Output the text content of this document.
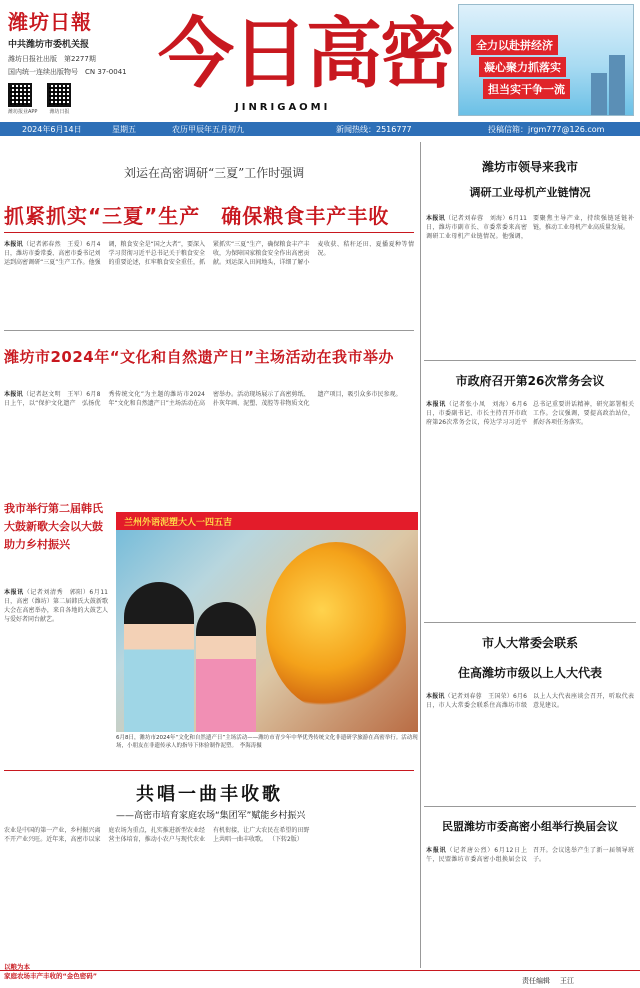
潍坊日報
中共潍坊市委机关报
潍坊日报社出版　第2277期
国内统一连续出版物号　CN 37-0041
潍坊报业APP	潍坊日报
今日高密
JINRIGAOMI
全力以赴拼经济
凝心聚力抓落实
担当实干争一流
2024年6月14日	星期五	农历甲辰年五月初九	新闻热线：2516777	投稿信箱：jrgm777@126.com
刘运在高密调研“三夏”工作时强调
抓紧抓实“三夏”生产　确保粮食丰产丰收
本报讯（记者郭春然　王爱）6月4日，潍坊市委常委、高密市委书记刘运到高密调研“三夏”生产工作。他强调，粮食安全是“国之大者”，要深入学习贯彻习近平总书记关于粮食安全的重要论述，扛牢粮食安全重任，抓紧抓实“三夏”生产，确保粮食丰产丰收，为保障国家粮食安全作出高密贡献。刘运深入田间地头，详细了解小麦收获、秸秆还田、夏播夏种等情况。
潍坊市2024年“文化和自然遗产日”主场活动在我市举办
本报讯（记者赵文明　王军）6月8日上午，以“保护文化遗产　弘扬优秀传统文化”为主题的潍坊市2024年“文化和自然遗产日”主场活动在高密举办。活动现场展示了高密剪纸、扑灰年画、泥塑、茂腔等非物质文化遗产项目，吸引众多市民参观。
我市举行第二届韩氏大鼓新歌大会以大鼓助力乡村振兴
本报讯（记者刘清秀　郭阳）6月11日，高密（潍坊）第二届韩氏大鼓新歌大会在高密举办，来自各地的大鼓艺人与爱好者同台献艺。
兰州外语泥塑大人一四五吉
6月8日，潍坊市2024年“文化和自然遗产日”主场活动——潍坊市青少年中华优秀传统文化非遗研学旅游在高密举行。活动现场，小朋友在非遗传承人的指导下体验制作泥塑。　李海涛摄
共唱一曲丰收歌
——高密市培育家庭农场“集团军”赋能乡村振兴
农业是中国的第一产业，乡村振兴离不开产业兴旺。近年来，高密市以家庭农场为重点，扎实推进新型农业经营主体培育，推动小农户与现代农业有机衔接，让广大农民在希望的田野上共唱一曲丰收歌。 （下转2版）
以粮为本
家庭农场丰产丰收的“金色密码”
潍坊市领导来我市
调研工业母机产业链情况
本报讯（记者刘春蓉　刘海）6月11日，潍坊市副市长、市委常委来高密调研工业母机产业链情况。他强调，要聚焦主导产业，持续强链延链补链，推动工业母机产业高质量发展。
市政府召开第26次常务会议
本报讯（记者张小凤　刘海）6月6日，市委副书记、市长主持召开市政府第26次常务会议，传达学习习近平总书记重要讲话精神，研究部署相关工作。会议强调，要提高政治站位，抓好各项任务落实。
市人大常委会联系
住高潍坊市级以上人大代表
本报讯（记者刘春蓉　王国荣）6月6日，市人大常委会联系住高潍坊市级以上人大代表座谈会召开，听取代表意见建议。
民盟潍坊市委高密小组举行换届会议
本报讯（记者唐公烈）6月12日上午，民盟潍坊市委高密小组换届会议召开。会议选举产生了新一届领导班子。
责任编辑 王江
